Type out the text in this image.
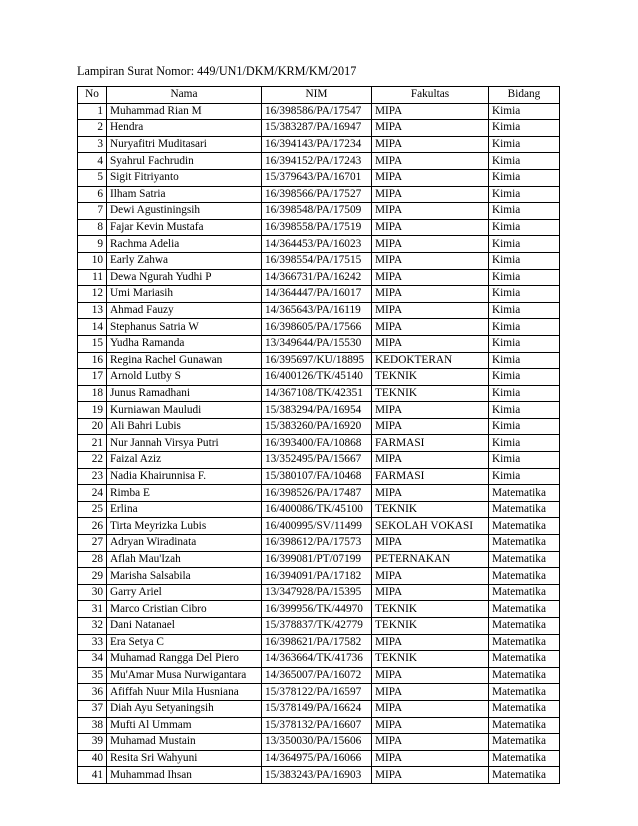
Lampiran Surat Nomor: 449/UN1/DKM/KRM/KM/2017
No	Nama	NIM	Fakultas	Bidang
1	Muhammad Rian M	16/398586/PA/17547	MIPA	Kimia
2	Hendra	15/383287/PA/16947	MIPA	Kimia
3	Nuryafitri Muditasari	16/394143/PA/17234	MIPA	Kimia
4	Syahrul Fachrudin	16/394152/PA/17243	MIPA	Kimia
5	Sigit Fitriyanto	15/379643/PA/16701	MIPA	Kimia
6	Ilham Satria	16/398566/PA/17527	MIPA	Kimia
7	Dewi Agustiningsih	16/398548/PA/17509	MIPA	Kimia
8	Fajar Kevin Mustafa	16/398558/PA/17519	MIPA	Kimia
9	Rachma Adelia	14/364453/PA/16023	MIPA	Kimia
10	Early Zahwa	16/398554/PA/17515	MIPA	Kimia
11	Dewa Ngurah Yudhi P	14/366731/PA/16242	MIPA	Kimia
12	Umi Mariasih	14/364447/PA/16017	MIPA	Kimia
13	Ahmad Fauzy	14/365643/PA/16119	MIPA	Kimia
14	Stephanus Satria W	16/398605/PA/17566	MIPA	Kimia
15	Yudha Ramanda	13/349644/PA/15530	MIPA	Kimia
16	Regina Rachel Gunawan	16/395697/KU/18895	KEDOKTERAN	Kimia
17	Arnold Lutby S	16/400126/TK/45140	TEKNIK	Kimia
18	Junus Ramadhani	14/367108/TK/42351	TEKNIK	Kimia
19	Kurniawan Mauludi	15/383294/PA/16954	MIPA	Kimia
20	Ali Bahri Lubis	15/383260/PA/16920	MIPA	Kimia
21	Nur Jannah Virsya Putri	16/393400/FA/10868	FARMASI	Kimia
22	Faizal Aziz	13/352495/PA/15667	MIPA	Kimia
23	Nadia Khairunnisa F.	15/380107/FA/10468	FARMASI	Kimia
24	Rimba E	16/398526/PA/17487	MIPA	Matematika
25	Erlina	16/400086/TK/45100	TEKNIK	Matematika
26	Tirta Meyrizka Lubis	16/400995/SV/11499	SEKOLAH VOKASI	Matematika
27	Adryan Wiradinata	16/398612/PA/17573	MIPA	Matematika
28	Aflah Mau'Izah	16/399081/PT/07199	PETERNAKAN	Matematika
29	Marisha Salsabila	16/394091/PA/17182	MIPA	Matematika
30	Garry Ariel	13/347928/PA/15395	MIPA	Matematika
31	Marco Cristian Cibro	16/399956/TK/44970	TEKNIK	Matematika
32	Dani Natanael	15/378837/TK/42779	TEKNIK	Matematika
33	Era Setya C	16/398621/PA/17582	MIPA	Matematika
34	Muhamad Rangga Del Piero	14/363664/TK/41736	TEKNIK	Matematika
35	Mu'Amar Musa Nurwigantara	14/365007/PA/16072	MIPA	Matematika
36	Afiffah Nuur Mila Husniana	15/378122/PA/16597	MIPA	Matematika
37	Diah Ayu Setyaningsih	15/378149/PA/16624	MIPA	Matematika
38	Mufti Al Ummam	15/378132/PA/16607	MIPA	Matematika
39	Muhamad Mustain	13/350030/PA/15606	MIPA	Matematika
40	Resita Sri Wahyuni	14/364975/PA/16066	MIPA	Matematika
41	Muhammad Ihsan	15/383243/PA/16903	MIPA	Matematika
